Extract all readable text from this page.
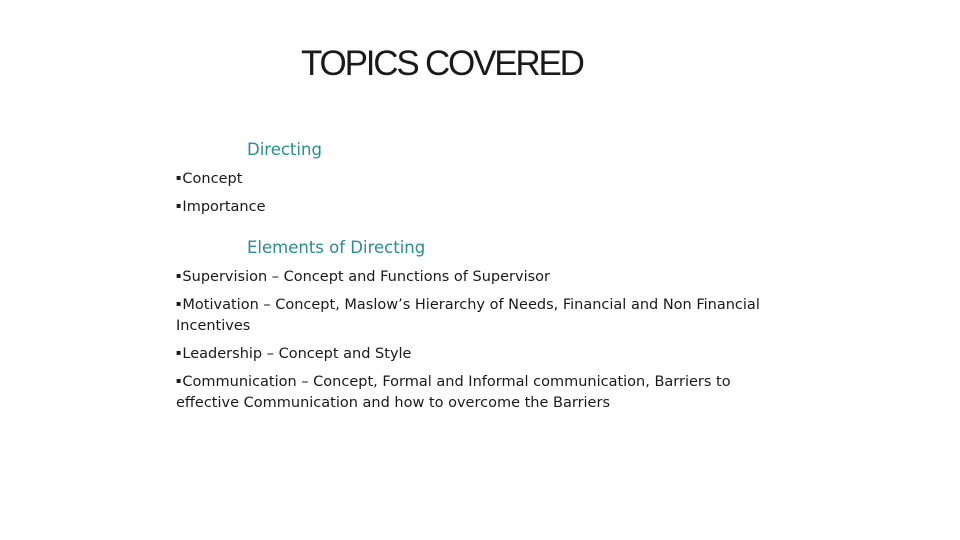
TOPICS COVERED
Directing

▪Concept

▪Importance

Elements of Directing

▪Supervision – Concept and Functions of Supervisor

▪Motivation – Concept, Maslow’s Hierarchy of Needs, Financial and Non Financial Incentives

▪Leadership – Concept and Style

▪Communication – Concept, Formal and Informal communication, Barriers to effective Communication and how to overcome the Barriers
